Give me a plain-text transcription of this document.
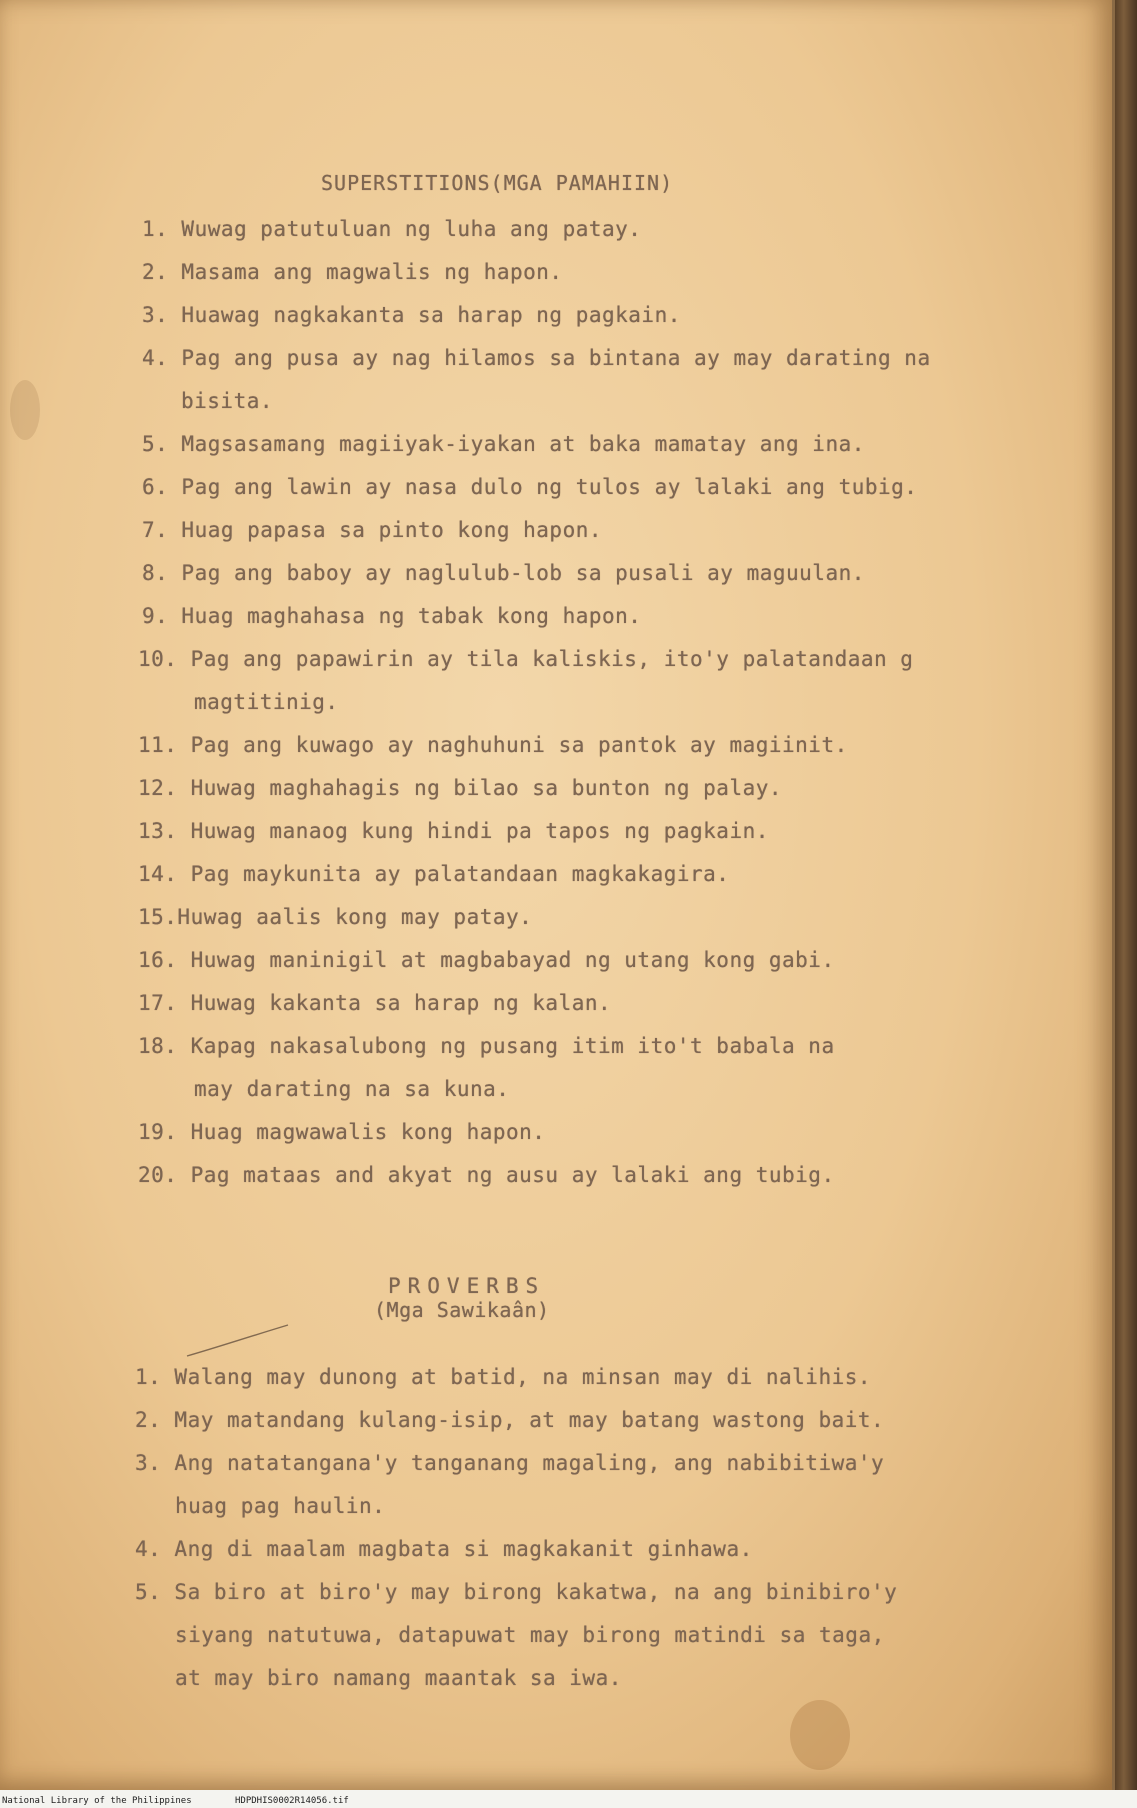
SUPERSTITIONS(MGA PAMAHIIN)
1. Wuwag patutuluan ng luha ang patay.
2. Masama ang magwalis ng hapon.
3. Huawag nagkakanta sa harap ng pagkain.
4. Pag ang pusa ay nag hilamos sa bintana ay may darating na
bisita.
5. Magsasamang magiiyak-iyakan at baka mamatay ang ina.
6. Pag ang lawin ay nasa dulo ng tulos ay lalaki ang tubig.
7. Huag papasa sa pinto kong hapon.
8. Pag ang baboy ay naglulub-lob sa pusali ay maguulan.
9. Huag maghahasa ng tabak kong hapon.
10. Pag ang papawirin ay tila kaliskis, ito'y palatandaan g
magtitinig.
11. Pag ang kuwago ay naghuhuni sa pantok ay magiinit.
12. Huwag maghahagis ng bilao sa bunton ng palay.
13. Huwag manaog kung hindi pa tapos ng pagkain.
14. Pag maykunita ay palatandaan magkakagira.
15.Huwag aalis kong may patay.
16. Huwag maninigil at magbabayad ng utang kong gabi.
17. Huwag kakanta sa harap ng kalan.
18. Kapag nakasalubong ng pusang itim ito't babala na
may darating na sa kuna.
19. Huag magwawalis kong hapon.
20. Pag mataas and akyat ng ausu ay lalaki ang tubig.
PROVERBS
(Mga Sawikaân)
1. Walang may dunong at batid, na minsan may di nalihis.
2. May matandang kulang-isip, at may batang wastong bait.
3. Ang natatangana'y tanganang magaling, ang nabibitiwa'y
huag pag haulin.
4. Ang di maalam magbata si magkakanit ginhawa.
5. Sa biro at biro'y may birong kakatwa, na ang binibiro'y
siyang natutuwa, datapuwat may birong matindi sa taga,
at may biro namang maantak sa iwa.
National Library of the Philippines	HDPDHIS0002R14056.tif
